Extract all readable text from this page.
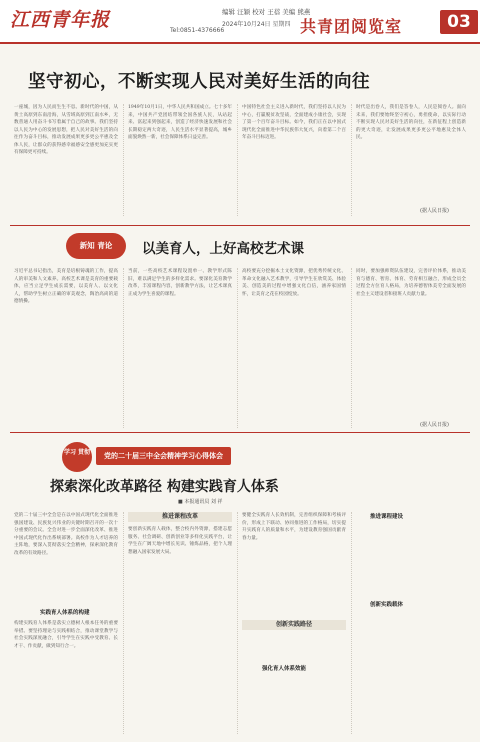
江西青年报	编辑 汪颖 校对 王蓓 美编 熊燕
2024年10月24日 星期四
Tel:0851-4376666	共青团阅览室	03
坚守初心，不断实现人民对美好生活的向往
一座城，因为人民而生生不息。新时代的中国，从黄土高原到东南沿海，从雪域高原到江南水乡，无数普通人用奋斗书写着属于自己的故事。我们坚持以人民为中心的发展思想，把人民对美好生活的向往作为奋斗目标，推动发展成果更多更公平惠及全体人民，让群众的获得感幸福感安全感更加充实更有保障更可持续。
1949年10月1日，中华人民共和国成立。七十多年来，中国共产党团结带领全国各族人民，从站起来、富起来到强起来，创造了经济快速发展和社会长期稳定两大奇迹，人民生活水平显著提高，城乡面貌焕然一新，社会保障体系日益完善。
中国特色社会主义进入新时代，我们坚持以人民为中心，打赢脱贫攻坚战，全面建成小康社会，实现了第一个百年奋斗目标。如今，我们正在以中国式现代化全面推进中华民族伟大复兴，向着第二个百年奋斗目标迈进。
时代是出卷人，我们是答卷人，人民是阅卷人。面向未来，我们要始终坚守初心，勇担使命，以实际行动不断实现人民对美好生活的向往，在新征程上创造新的更大奇迹，让发展成果更多更公平地惠及全体人民。
(据人民日报)
新知 青论	以美育人，上好高校艺术课
习近平总书记指出，美育是培根铸魂的工作，提高人的审美和人文素养。高校艺术课是美育的重要载体，应当立足学生成长需要，以美育人、以文化人，帮助学生树立正确的审美观念，陶冶高尚的道德情操。
当前，一些高校艺术课程设置单一、教学形式陈旧，难以满足学生的多样化需求。要深化美育教学改革，丰富课程内容，创新教学方法，让艺术课真正成为学生喜爱的课程。
高校要充分挖掘本土文化资源，把优秀传统文化、革命文化融入艺术教学，引导学生在欣赏美、体验美、创造美的过程中增强文化自信，涵养家国情怀，让美育之花在校园绽放。
同时，要加强师资队伍建设，完善评价体系，推动美育与德育、智育、体育、劳育相互融合，形成全员全过程全方位育人格局，为培养德智体美劳全面发展的社会主义建设者和接班人贡献力量。
(据人民日报)
学习 贯彻	党的二十届三中全会精神学习心得体会
探索深化改革路径 构建实践育人体系
■ 本报通讯员 刘 祥
党的二十届三中全会是在以中国式现代化全面推进强国建设、民族复兴伟业的关键时期召开的一次十分重要的会议。全会对进一步全面深化改革、推进中国式现代化作出系统部署。高校作为人才培养的主阵地，要深入贯彻落实全会精神，探索深化教育改革的有效路径。
实践育人体系的构建
构建实践育人体系是落实立德树人根本任务的重要举措。要坚持理论与实践相结合，推动课堂教学与社会实践深度融合，引导学生在实践中受教育、长才干、作贡献，做到知行合一。
推进课程改革
要创新实践育人载体，整合校内外资源，搭建志愿服务、社会调研、创新创业等多样化实践平台，让学生在广阔天地中增长见识、锤炼品格，把个人理想融入国家发展大局。
要健全实践育人长效机制，完善组织保障和考核评价，形成上下联动、协同推进的工作格局，切实提升实践育人的质量和水平，为建设教育强国贡献青春力量。
创新实践路径
强化育人体系效能
推进课程建设
创新实践载体
